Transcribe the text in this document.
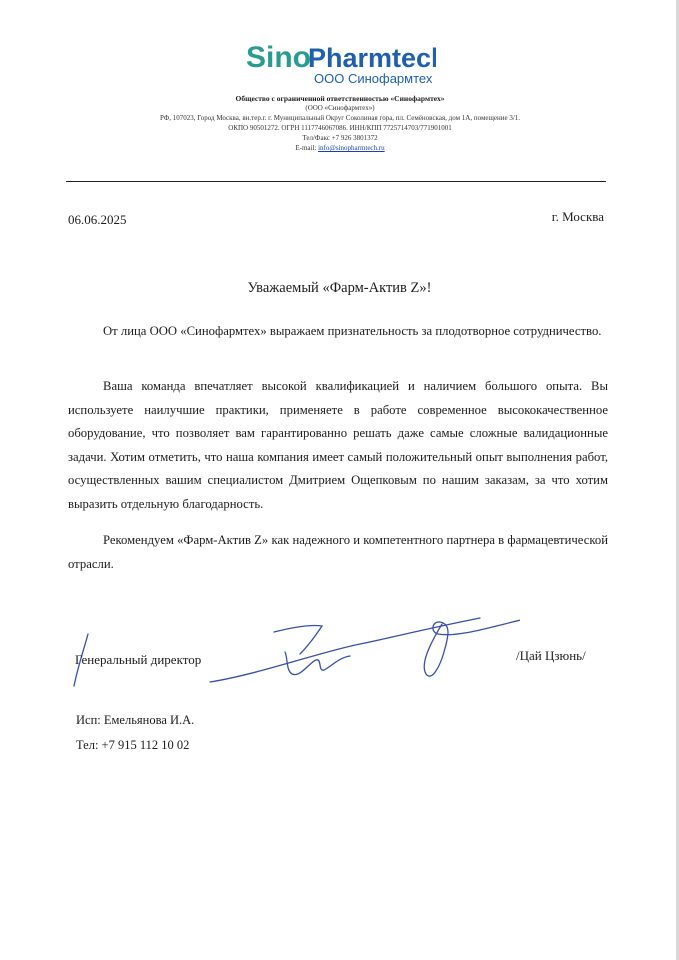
Sino
Pharmtech
ООО Синофармтех
Общество с ограниченной ответственностью «Синофармтех»
(ООО «Синофармтех»)
РФ, 107023, Город Москва, вн.тер.г. г. Муниципальный Округ Соколиная гора, пл. Семёновская, дом 1А, помещение 3/1.
ОКПО 90501272. ОГРН 1117746067086. ИНН/КПП 7725714703/771901001
Тел/Факс +7 926 3801372
E-mail: info@sinopharmtech.ru
06.06.2025	г. Москва
Уважаемый «Фарм-Актив Z»!

От лица ООО «Синофармтех» выражаем признательность за плодотворное сотрудничество.

Ваша команда впечатляет высокой квалификацией и наличием большого опыта. Вы используете наилучшие практики, применяете в работе современное высококачественное оборудование, что позволяет вам гарантированно решать даже самые сложные валидационные задачи. Хотим отметить, что наша компания имеет самый положительный опыт выполнения работ, осуществленных вашим специалистом Дмитрием Ощепковым по нашим заказам, за что хотим выразить отдельную благодарность.

Рекомендуем «Фарм-Актив Z» как надежного и компетентного партнера в фармацевтической отрасли.

Генеральный директор	/Цай Цзюнь/
Исп: Емельянова И.А.
Тел: +7 915 112 10 02
